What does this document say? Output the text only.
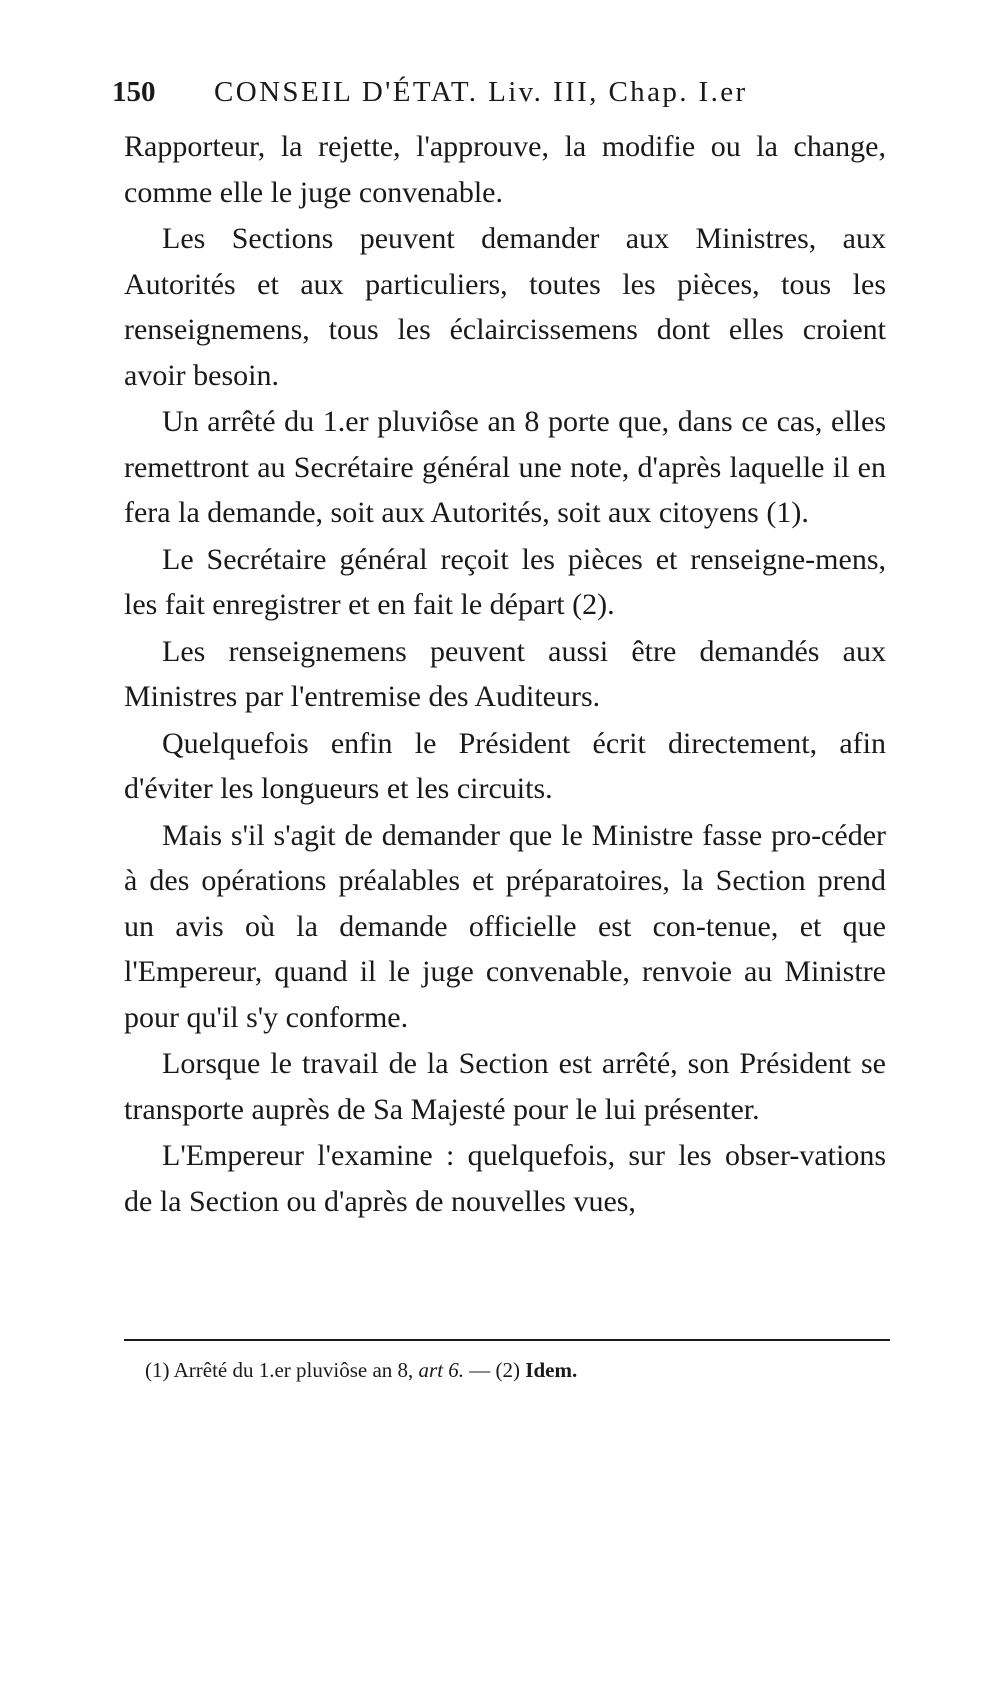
150 CONSEIL D'ÉTAT. Liv. III, Chap. I.er

Rapporteur, la rejette, l'approuve, la modifie ou la change, comme elle le juge convenable.

Les Sections peuvent demander aux Ministres, aux Autorités et aux particuliers, toutes les pièces, tous les renseignemens, tous les éclaircissemens dont elles croient avoir besoin.

Un arrêté du 1.er pluviôse an 8 porte que, dans ce cas, elles remettront au Secrétaire général une note, d'après laquelle il en fera la demande, soit aux Autorités, soit aux citoyens (1).

Le Secrétaire général reçoit les pièces et renseigne-mens, les fait enregistrer et en fait le départ (2).

Les renseignemens peuvent aussi être demandés aux Ministres par l'entremise des Auditeurs.

Quelquefois enfin le Président écrit directement, afin d'éviter les longueurs et les circuits.

Mais s'il s'agit de demander que le Ministre fasse pro-céder à des opérations préalables et préparatoires, la Section prend un avis où la demande officielle est con-tenue, et que l'Empereur, quand il le juge convenable, renvoie au Ministre pour qu'il s'y conforme.

Lorsque le travail de la Section est arrêté, son Président se transporte auprès de Sa Majesté pour le lui présenter.

L'Empereur l'examine : quelquefois, sur les obser-vations de la Section ou d'après de nouvelles vues,

(1) Arrêté du 1.er pluviôse an 8, art 6. — (2) Idem.
